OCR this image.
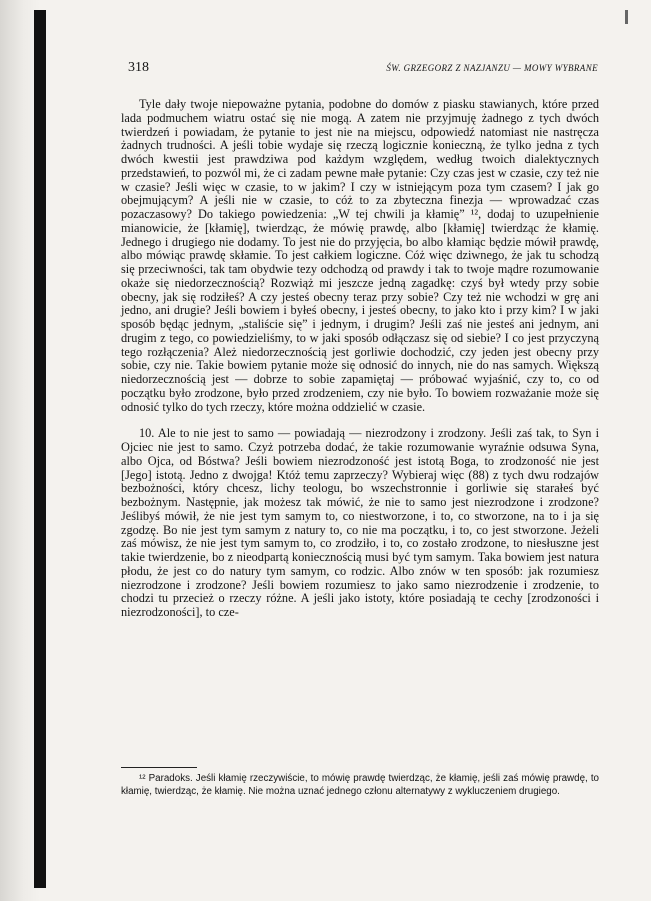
318	ŚW. GRZEGORZ Z NAZJANZU — MOWY WYBRANE

Tyle dały twoje niepoważne pytania, podobne do domów z piasku stawianych, które przed lada podmuchem wiatru ostać się nie mogą. A zatem nie przyjmuję żadnego z tych dwóch twierdzeń i powiadam, że pytanie to jest nie na miejscu, odpowiedź natomiast nie nastręcza żadnych trudności. A jeśli tobie wydaje się rzeczą logicznie konieczną, że tylko jedna z tych dwóch kwestii jest prawdziwa pod każdym względem, według twoich dialektycznych przedstawień, to pozwól mi, że ci zadam pewne małe pytanie: Czy czas jest w czasie, czy też nie w czasie? Jeśli więc w czasie, to w jakim? I czy w istniejącym poza tym czasem? I jak go obejmującym? A jeśli nie w czasie, to cóż to za zbyteczna finezja — wprowadzać czas pozaczasowy? Do takiego powiedzenia: „W tej chwili ja kłamię” ¹², dodaj to uzupełnienie mianowicie, że [kłamię], twierdząc, że mówię prawdę, albo [kłamię] twierdząc że kłamię. Jednego i drugiego nie dodamy. To jest nie do przyjęcia, bo albo kłamiąc będzie mówił prawdę, albo mówiąc prawdę skłamie. To jest całkiem logiczne. Cóż więc dziwnego, że jak tu schodzą się przeciwności, tak tam obydwie tezy odchodzą od prawdy i tak to twoje mądre rozumowanie okaże się niedorzecznością? Rozwiąż mi jeszcze jedną zagadkę: czyś był wtedy przy sobie obecny, jak się rodziłeś? A czy jesteś obecny teraz przy sobie? Czy też nie wchodzi w grę ani jedno, ani drugie? Jeśli bowiem i byłeś obecny, i jesteś obecny, to jako kto i przy kim? I w jaki sposób będąc jednym, „staliście się” i jednym, i drugim? Jeśli zaś nie jesteś ani jednym, ani drugim z tego, co powiedzieliśmy, to w jaki sposób odłączasz się od siebie? I co jest przyczyną tego rozłączenia? Ależ niedorzecznością jest gorliwie dochodzić, czy jeden jest obecny przy sobie, czy nie. Takie bowiem pytanie może się odnosić do innych, nie do nas samych. Większą niedorzecznością jest — dobrze to sobie zapamiętaj — próbować wyjaśnić, czy to, co od początku było zrodzone, było przed zrodzeniem, czy nie było. To bowiem rozważanie może się odnosić tylko do tych rzeczy, które można oddzielić w czasie.

10. Ale to nie jest to samo — powiadają — niezrodzony i zrodzony. Jeśli zaś tak, to Syn i Ojciec nie jest to samo. Czyż potrzeba dodać, że takie rozumowanie wyraźnie odsuwa Syna, albo Ojca, od Bóstwa? Jeśli bowiem niezrodzoność jest istotą Boga, to zrodzoność nie jest [Jego] istotą. Jedno z dwojga! Któż temu zaprzeczy? Wybieraj więc (88) z tych dwu rodzajów bezbożności, który chcesz, lichy teologu, bo wszechstronnie i gorliwie się starałeś być bezbożnym. Następnie, jak możesz tak mówić, że nie to samo jest niezrodzone i zrodzone? Jeślibyś mówił, że nie jest tym samym to, co niestworzone, i to, co stworzone, na to i ja się zgodzę. Bo nie jest tym samym z natury to, co nie ma początku, i to, co jest stworzone. Jeżeli zaś mówisz, że nie jest tym samym to, co zrodziło, i to, co zostało zrodzone, to niesłuszne jest takie twierdzenie, bo z nieodpartą koniecznością musi być tym samym. Taka bowiem jest natura płodu, że jest co do natury tym samym, co rodzic. Albo znów w ten sposób: jak rozumiesz niezrodzone i zrodzone? Jeśli bowiem rozumiesz to jako samo niezrodzenie i zrodzenie, to chodzi tu przecież o rzeczy różne. A jeśli jako istoty, które posiadają te cechy [zrodzoności i niezrodzoności], to cze-

¹² Paradoks. Jeśli kłamię rzeczywiście, to mówię prawdę twierdząc, że kłamię, jeśli zaś mówię prawdę, to kłamię, twierdząc, że kłamię. Nie można uznać jednego członu alternatywy z wykluczeniem drugiego.
